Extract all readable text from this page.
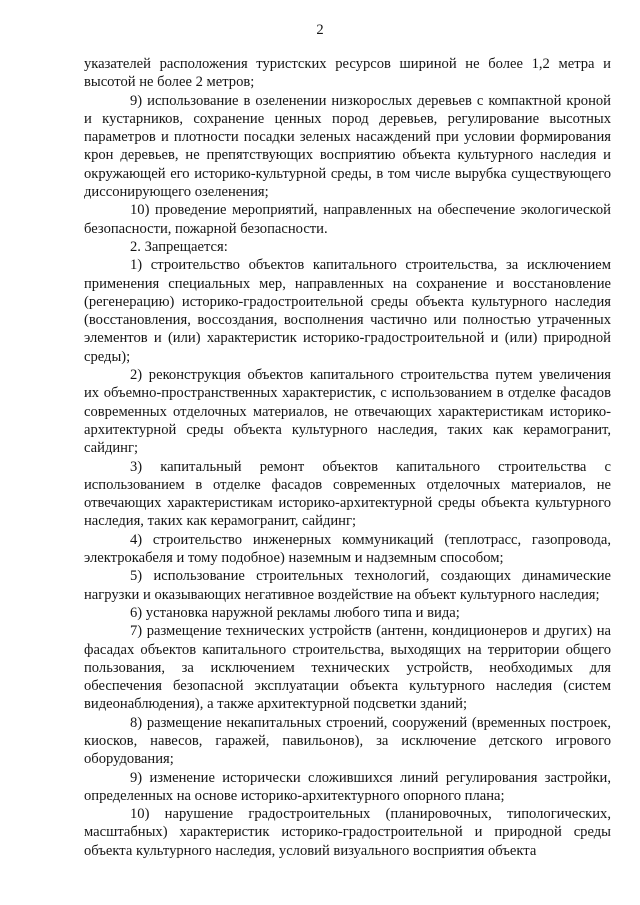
2

указателей расположения туристских ресурсов шириной не более 1,2 метра и высотой не более 2 метров;

9) использование в озеленении низкорослых деревьев с компактной кроной и кустарников, сохранение ценных пород деревьев, регулирование высотных параметров и плотности посадки зеленых насаждений при условии формирования крон деревьев, не препятствующих восприятию объекта культурного наследия и окружающей его историко-культурной среды, в том числе вырубка существующего диссонирующего озеленения;

10) проведение мероприятий, направленных на обеспечение экологической безопасности, пожарной безопасности.

2. Запрещается:

1) строительство объектов капитального строительства, за исключением применения специальных мер, направленных на сохранение и восстановление (регенерацию) историко-градостроительной среды объекта культурного наследия (восстановления, воссоздания, восполнения частично или полностью утраченных элементов и (или) характеристик историко-градостроительной и (или) природной среды);

2) реконструкция объектов капитального строительства путем увеличения их объемно-пространственных характеристик, с использованием в отделке фасадов современных отделочных материалов, не отвечающих характеристикам историко-архитектурной среды объекта культурного наследия, таких как керамогранит, сайдинг;

3) капитальный ремонт объектов капитального строительства с использованием в отделке фасадов современных отделочных материалов, не отвечающих характеристикам историко-архитектурной среды объекта культурного наследия, таких как керамогранит, сайдинг;

4) строительство инженерных коммуникаций (теплотрасс, газопровода, электрокабеля и тому подобное) наземным и надземным способом;

5) использование строительных технологий, создающих динамические нагрузки и оказывающих негативное воздействие на объект культурного наследия;

6) установка наружной рекламы любого типа и вида;

7) размещение технических устройств (антенн, кондиционеров и других) на фасадах объектов капитального строительства, выходящих на территории общего пользования, за исключением технических устройств, необходимых для обеспечения безопасной эксплуатации объекта культурного наследия (систем видеонаблюдения), а также архитектурной подсветки зданий;

8) размещение некапитальных строений, сооружений (временных построек, киосков, навесов, гаражей, павильонов), за исключение детского игрового оборудования;

9) изменение исторически сложившихся линий регулирования застройки, определенных на основе историко-архитектурного опорного плана;

10) нарушение градостроительных (планировочных, типологических, масштабных) характеристик историко-градостроительной и природной среды объекта культурного наследия, условий визуального восприятия объекта
